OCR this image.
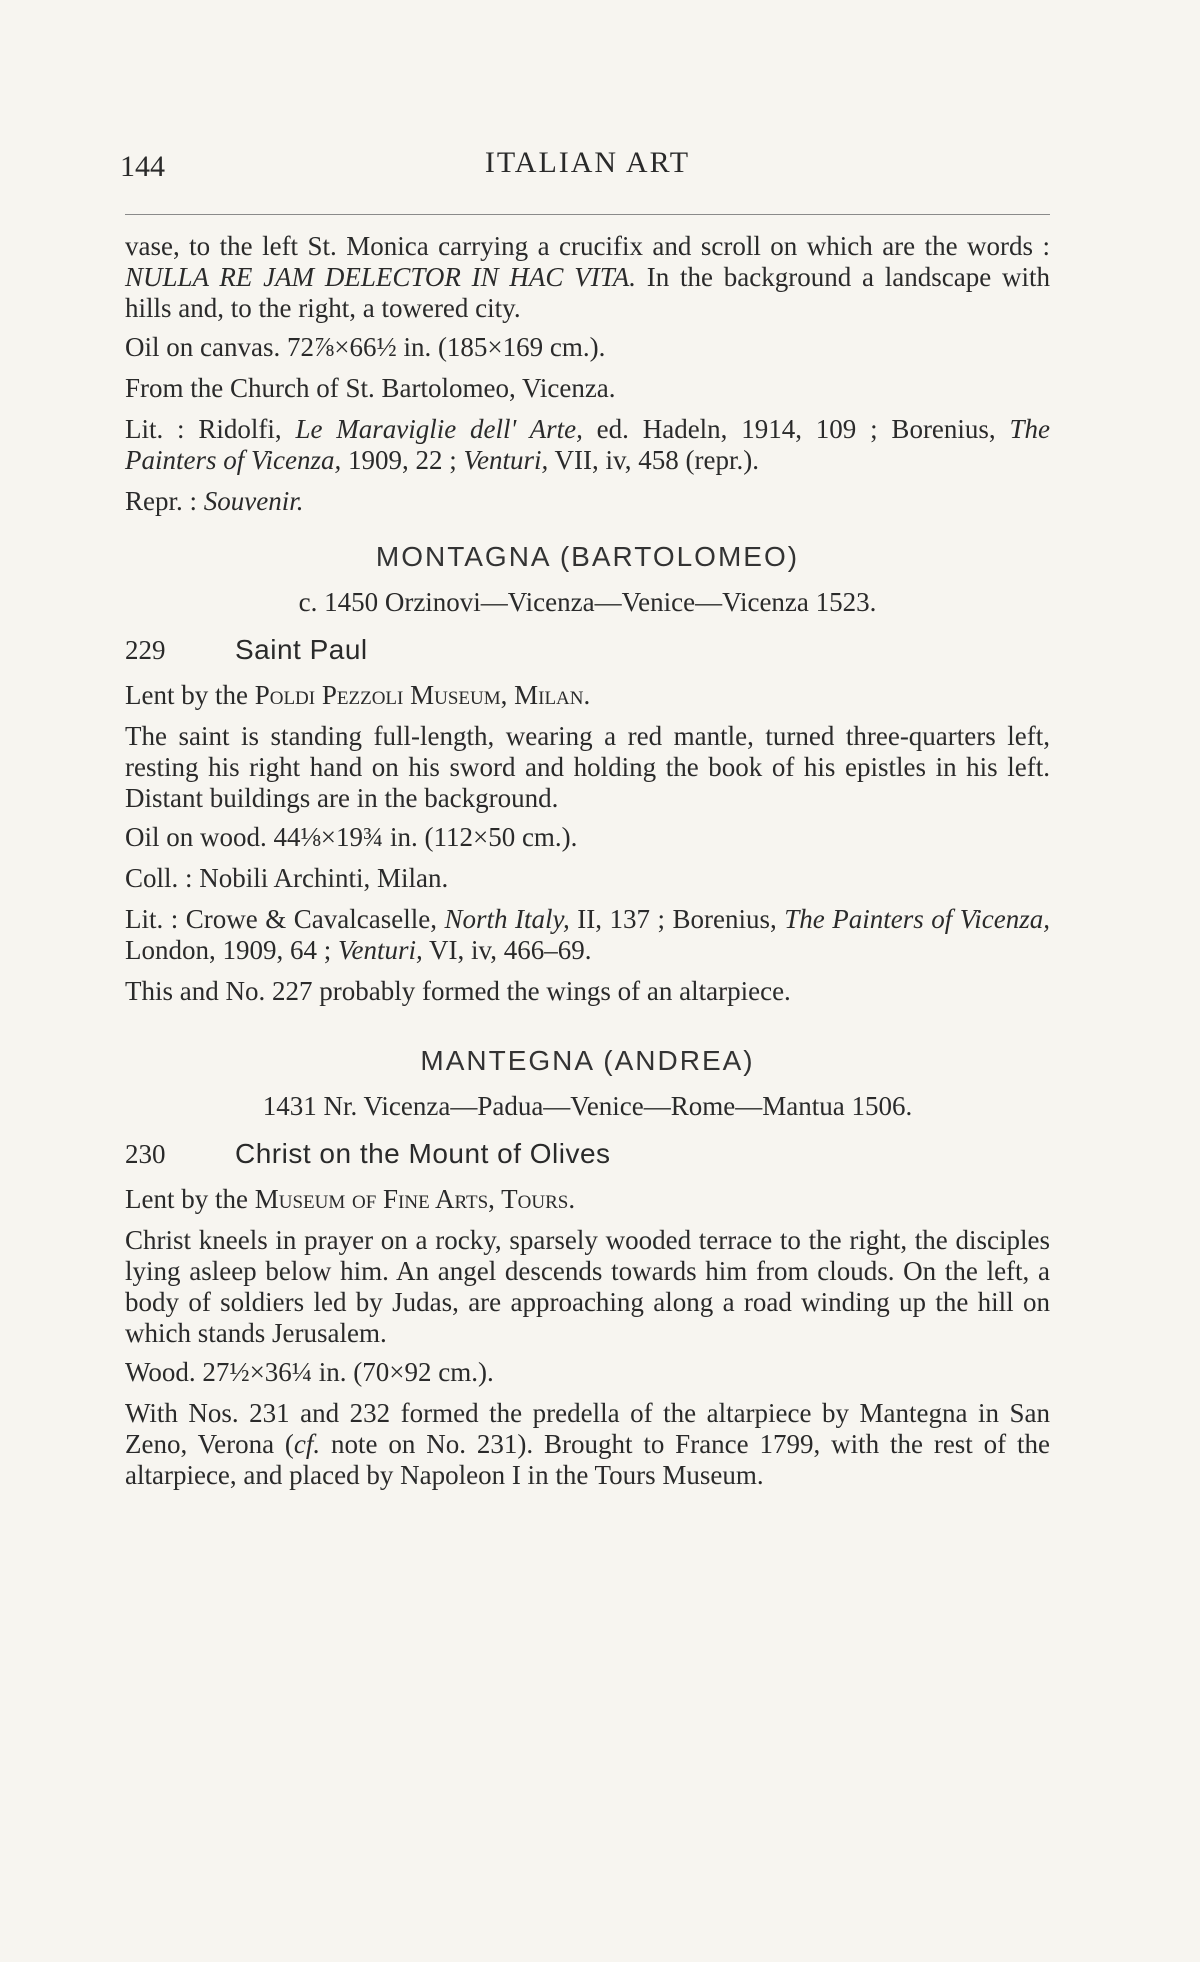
144	ITALIAN ART

vase, to the left St. Monica carrying a crucifix and scroll on which are the words : NULLA RE JAM DELECTOR IN HAC VITA. In the background a landscape with hills and, to the right, a towered city.

Oil on canvas. 72⅞×66½ in. (185×169 cm.).

From the Church of St. Bartolomeo, Vicenza.

Lit. : Ridolfi, Le Maraviglie dell' Arte, ed. Hadeln, 1914, 109 ; Borenius, The Painters of Vicenza, 1909, 22 ; Venturi, VII, iv, 458 (repr.).

Repr. : Souvenir.

MONTAGNA (BARTOLOMEO)
c. 1450 Orzinovi—Vicenza—Venice—Vicenza 1523.
229	Saint Paul

Lent by the Poldi Pezzoli Museum, Milan.

The saint is standing full-length, wearing a red mantle, turned three-quarters left, resting his right hand on his sword and holding the book of his epistles in his left. Distant buildings are in the background.

Oil on wood. 44⅛×19¾ in. (112×50 cm.).

Coll. : Nobili Archinti, Milan.

Lit. : Crowe & Cavalcaselle, North Italy, II, 137 ; Borenius, The Painters of Vicenza, London, 1909, 64 ; Venturi, VI, iv, 466–69.

This and No. 227 probably formed the wings of an altarpiece.

MANTEGNA (ANDREA)
1431 Nr. Vicenza—Padua—Venice—Rome—Mantua 1506.
230	Christ on the Mount of Olives

Lent by the Museum of Fine Arts, Tours.

Christ kneels in prayer on a rocky, sparsely wooded terrace to the right, the disciples lying asleep below him. An angel descends towards him from clouds. On the left, a body of soldiers led by Judas, are approaching along a road winding up the hill on which stands Jerusalem.

Wood. 27½×36¼ in. (70×92 cm.).

With Nos. 231 and 232 formed the predella of the altarpiece by Mantegna in San Zeno, Verona (cf. note on No. 231). Brought to France 1799, with the rest of the altarpiece, and placed by Napoleon I in the Tours Museum.
